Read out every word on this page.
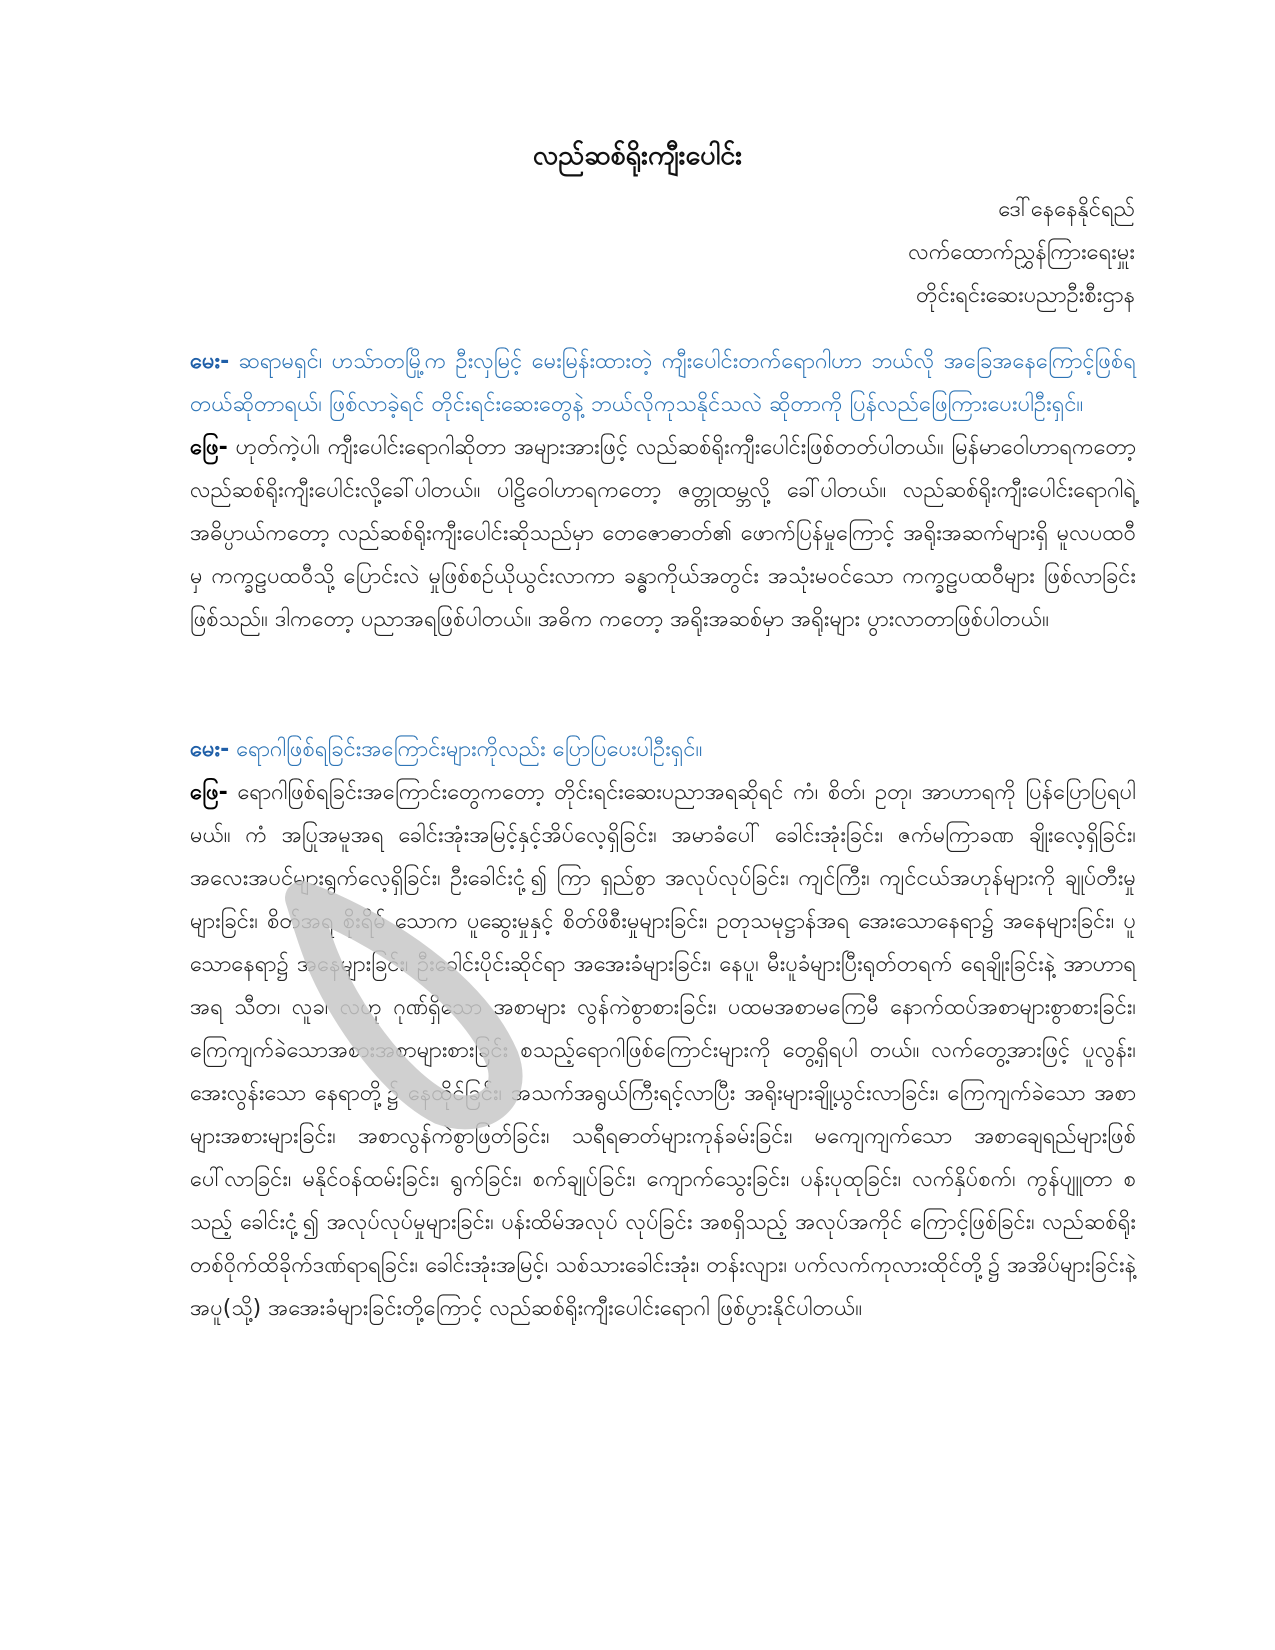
လည်ဆစ်ရိုးကျီးပေါင်း
ဒေါ်နေနေနိုင်ရည်
လက်ထောက်ညွှန်ကြားရေးမှူး
တိုင်းရင်းဆေးပညာဦးစီးဌာန
မေး- ဆရာမရှင်၊ ဟသ်ာတမြို့က ဦးလှမြင့် မေးမြန်းထားတဲ့ ကျီးပေါင်းတက်ရောဂါဟာ ဘယ်လို အခြေအနေကြောင့်ဖြစ်ရတယ်ဆိုတာရယ်၊ ဖြစ်လာခဲ့ရင် တိုင်းရင်းဆေးတွေနဲ့ ဘယ်လိုကုသနိုင်သလဲ ဆိုတာကို ပြန်လည်ဖြေကြားပေးပါဦးရှင်။
ဖြေ- ဟုတ်ကဲ့ပါ၊ ကျီးပေါင်းရောဂါဆိုတာ အများအားဖြင့် လည်ဆစ်ရိုးကျီးပေါင်းဖြစ်တတ်ပါတယ်။ မြန်မာဝေါဟာရကတော့ လည်ဆစ်ရိုးကျီးပေါင်းလို့ခေါ်ပါတယ်။ ပါဠိဝေါဟာရကတော့ ဇတ္တုထမ္ဘလို့ ခေါ်ပါတယ်။ လည်ဆစ်ရိုးကျီးပေါင်းရောဂါရဲ့ အဓိပ္ပာယ်ကတော့ လည်ဆစ်ရိုးကျီးပေါင်းဆိုသည်မှာ တေဇောဓာတ်၏ ဖောက်ပြန်မှုကြောင့် အရိုးအဆက်များရှိ မူလပထဝီမှ ကက္ခဠပထဝီသို့ ပြောင်းလဲ မှုဖြစ်စဉ်ယိုယွင်းလာကာ ခန္ဓာကိုယ်အတွင်း အသုံးမဝင်သော ကက္ခဠပထဝီများ ဖြစ်လာခြင်းဖြစ်သည်။ ဒါကတော့ ပညာအရဖြစ်ပါတယ်။ အဓိက ကတော့ အရိုးအဆစ်မှာ အရိုးများ ပွားလာတာဖြစ်ပါတယ်။
မေး- ရောဂါဖြစ်ရခြင်းအကြောင်းများကိုလည်း ပြောပြပေးပါဦးရှင်။
ဖြေ- ရောဂါဖြစ်ရခြင်းအကြောင်းတွေကတော့ တိုင်းရင်းဆေးပညာအရဆိုရင် ကံ၊ စိတ်၊ ဥတု၊ အာဟာရကို ပြန်ပြောပြရပါမယ်။ ကံ အပြုအမူအရ ခေါင်းအုံးအမြင့်နှင့်အိပ်လေ့ရှိခြင်း၊ အမာခံပေါ် ခေါင်းအုံးခြင်း၊ ဇက်မကြာခဏ ချိုးလေ့ရှိခြင်း၊ အလေးအပင်များရွက်လေ့ရှိခြင်း၊ ဦးခေါင်းငုံ့၍ ကြာ ရှည်စွာ အလုပ်လုပ်ခြင်း၊ ကျင်ကြီး၊ ကျင်ငယ်အဟုန်များကို ချုပ်တီးမှုများခြင်း၊ စိတ်အရ စိုးရိမ် သောက ပူဆွေးမှုနှင့် စိတ်ဖိစီးမှုများခြင်း၊ ဥတုသမုဋ္ဌာန်အရ အေးသောနေရာ၌ အနေများခြင်း၊ ပူသောနေရာ၌ အနေများခြင်း၊ ဦးခေါင်းပိုင်းဆိုင်ရာ အအေးခံများခြင်း၊ နေပူ၊ မီးပူခံများပြီးရုတ်တရက် ရေချိုးခြင်းနဲ့ အာဟာရ အရ သီတ၊ လူခ၊ လဟု ဂုဏ်ရှိသော အစာများ လွန်ကဲစွာစားခြင်း၊ ပထမအစာမကြေမီ နောက်ထပ်အစာများစွာစားခြင်း၊ ကြေကျက်ခဲသောအစားအစာများစားခြင်း စသည့်ရောဂါဖြစ်ကြောင်းများကို တွေ့ရှိရပါ တယ်။ လက်တွေ့အားဖြင့် ပူလွန်း၊ အေးလွန်းသော နေရာတို့၌ နေထိုင်ခြင်း၊ အသက်အရွယ်ကြီးရင့်လာပြီး အရိုးများချို့ယွင်းလာခြင်း၊ ကြေကျက်ခဲသော အစာများအစားများခြင်း၊ အစာလွန်ကဲစွာဖြတ်ခြင်း၊ သရီရဓာတ်များကုန်ခမ်းခြင်း၊ မကျေကျက်သော အစာချေရည်များဖြစ်ပေါ်လာခြင်း၊ မနိုင်ဝန်ထမ်းခြင်း၊ ရွက်ခြင်း၊ စက်ချုပ်ခြင်း၊ ကျောက်သွေးခြင်း၊ ပန်းပုထုခြင်း၊ လက်နှိပ်စက်၊ ကွန်ပျူတာ စသည့် ခေါင်းငုံ့၍ အလုပ်လုပ်မှုများခြင်း၊ ပန်းထိမ်အလုပ် လုပ်ခြင်း အစရှိသည့် အလုပ်အကိုင် ကြောင့်ဖြစ်ခြင်း၊ လည်ဆစ်ရိုးတစ်ဝိုက်ထိခိုက်ဒဏ်ရာရခြင်း၊ ခေါင်းအုံးအမြင့်၊ သစ်သားခေါင်းအုံး၊ တန်းလျား၊ ပက်လက်ကုလားထိုင်တို့၌ အအိပ်များခြင်းနဲ့ အပူ(သို့) အအေးခံများခြင်းတို့ကြောင့် လည်ဆစ်ရိုးကျီးပေါင်းရောဂါ ဖြစ်ပွားနိုင်ပါတယ်။
